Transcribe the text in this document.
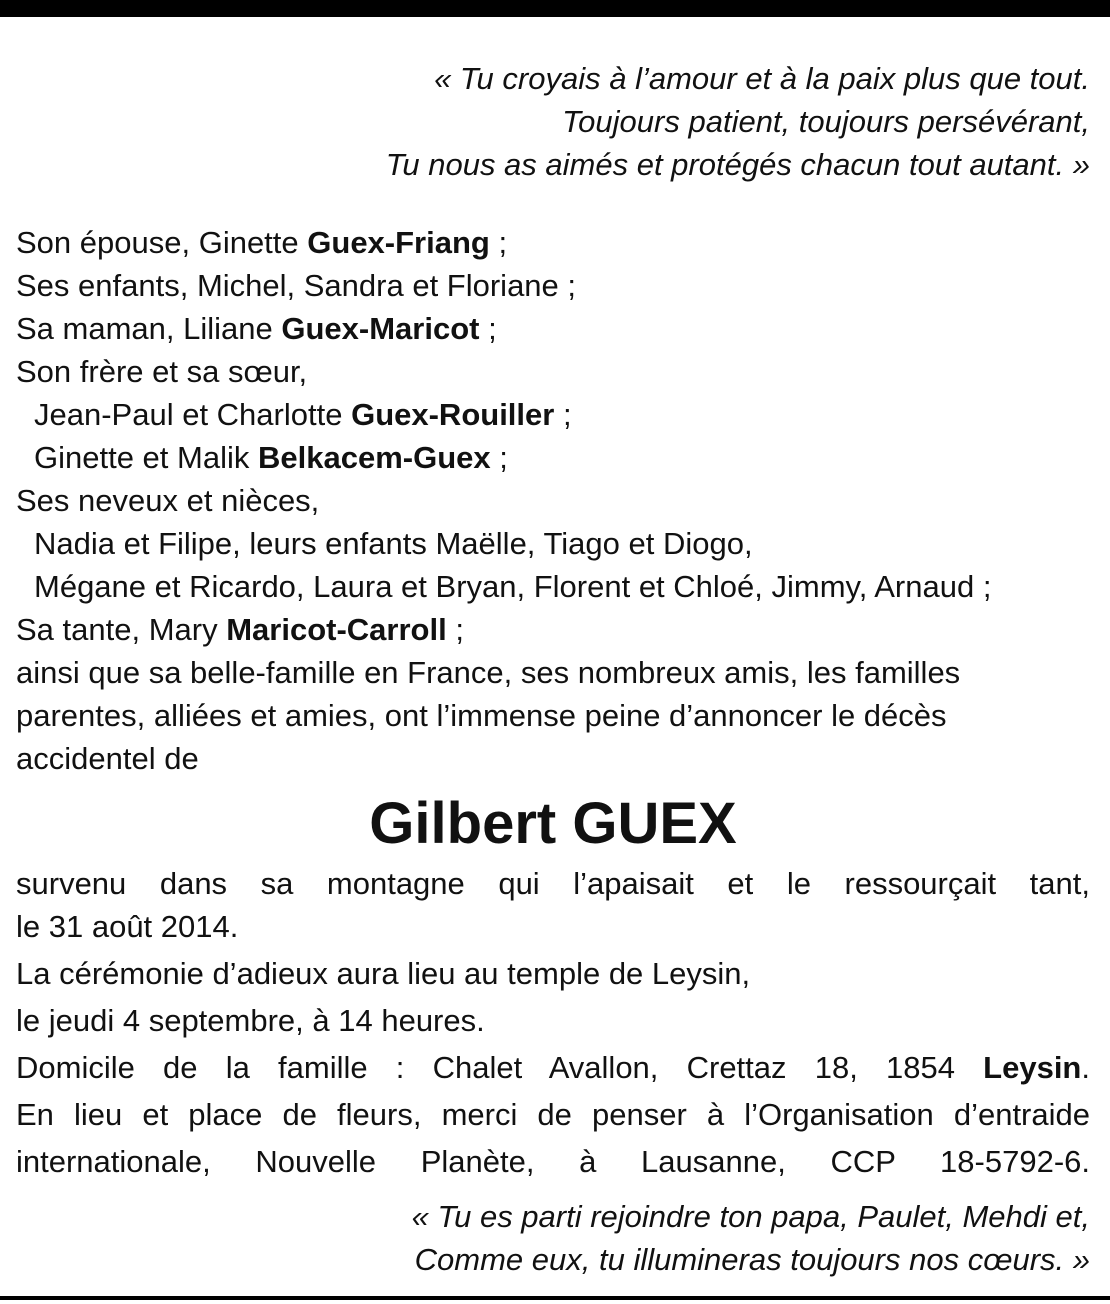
« Tu croyais à l’amour et à la paix plus que tout.
Toujours patient, toujours persévérant,
Tu nous as aimés et protégés chacun tout autant. »
Son épouse, Ginette Guex-Friang ;
Ses enfants, Michel, Sandra et Floriane ;
Sa maman, Liliane Guex-Maricot ;
Son frère et sa sœur,
Jean-Paul et Charlotte Guex-Rouiller ;
Ginette et Malik Belkacem-Guex ;
Ses neveux et nièces,
Nadia et Filipe, leurs enfants Maëlle, Tiago et Diogo,
Mégane et Ricardo, Laura et Bryan, Florent et Chloé, Jimmy, Arnaud ;
Sa tante, Mary Maricot-Carroll ;
ainsi que sa belle-famille en France, ses nombreux amis, les familles
parentes, alliées et amies, ont l’immense peine d’annoncer le décès
accidentel de
Gilbert GUEX
survenu dans sa montagne qui l’apaisait et le ressourçait tant,
le 31 août 2014.
La cérémonie d’adieux aura lieu au temple de Leysin,
le jeudi 4 septembre, à 14 heures.
Domicile de la famille : Chalet Avallon, Crettaz 18, 1854 Leysin.
En lieu et place de fleurs, merci de penser à l’Organisation d’entraide
internationale, Nouvelle Planète, à Lausanne, CCP 18-5792-6.
« Tu es parti rejoindre ton papa, Paulet, Mehdi et,
Comme eux, tu illumineras toujours nos cœurs. »
